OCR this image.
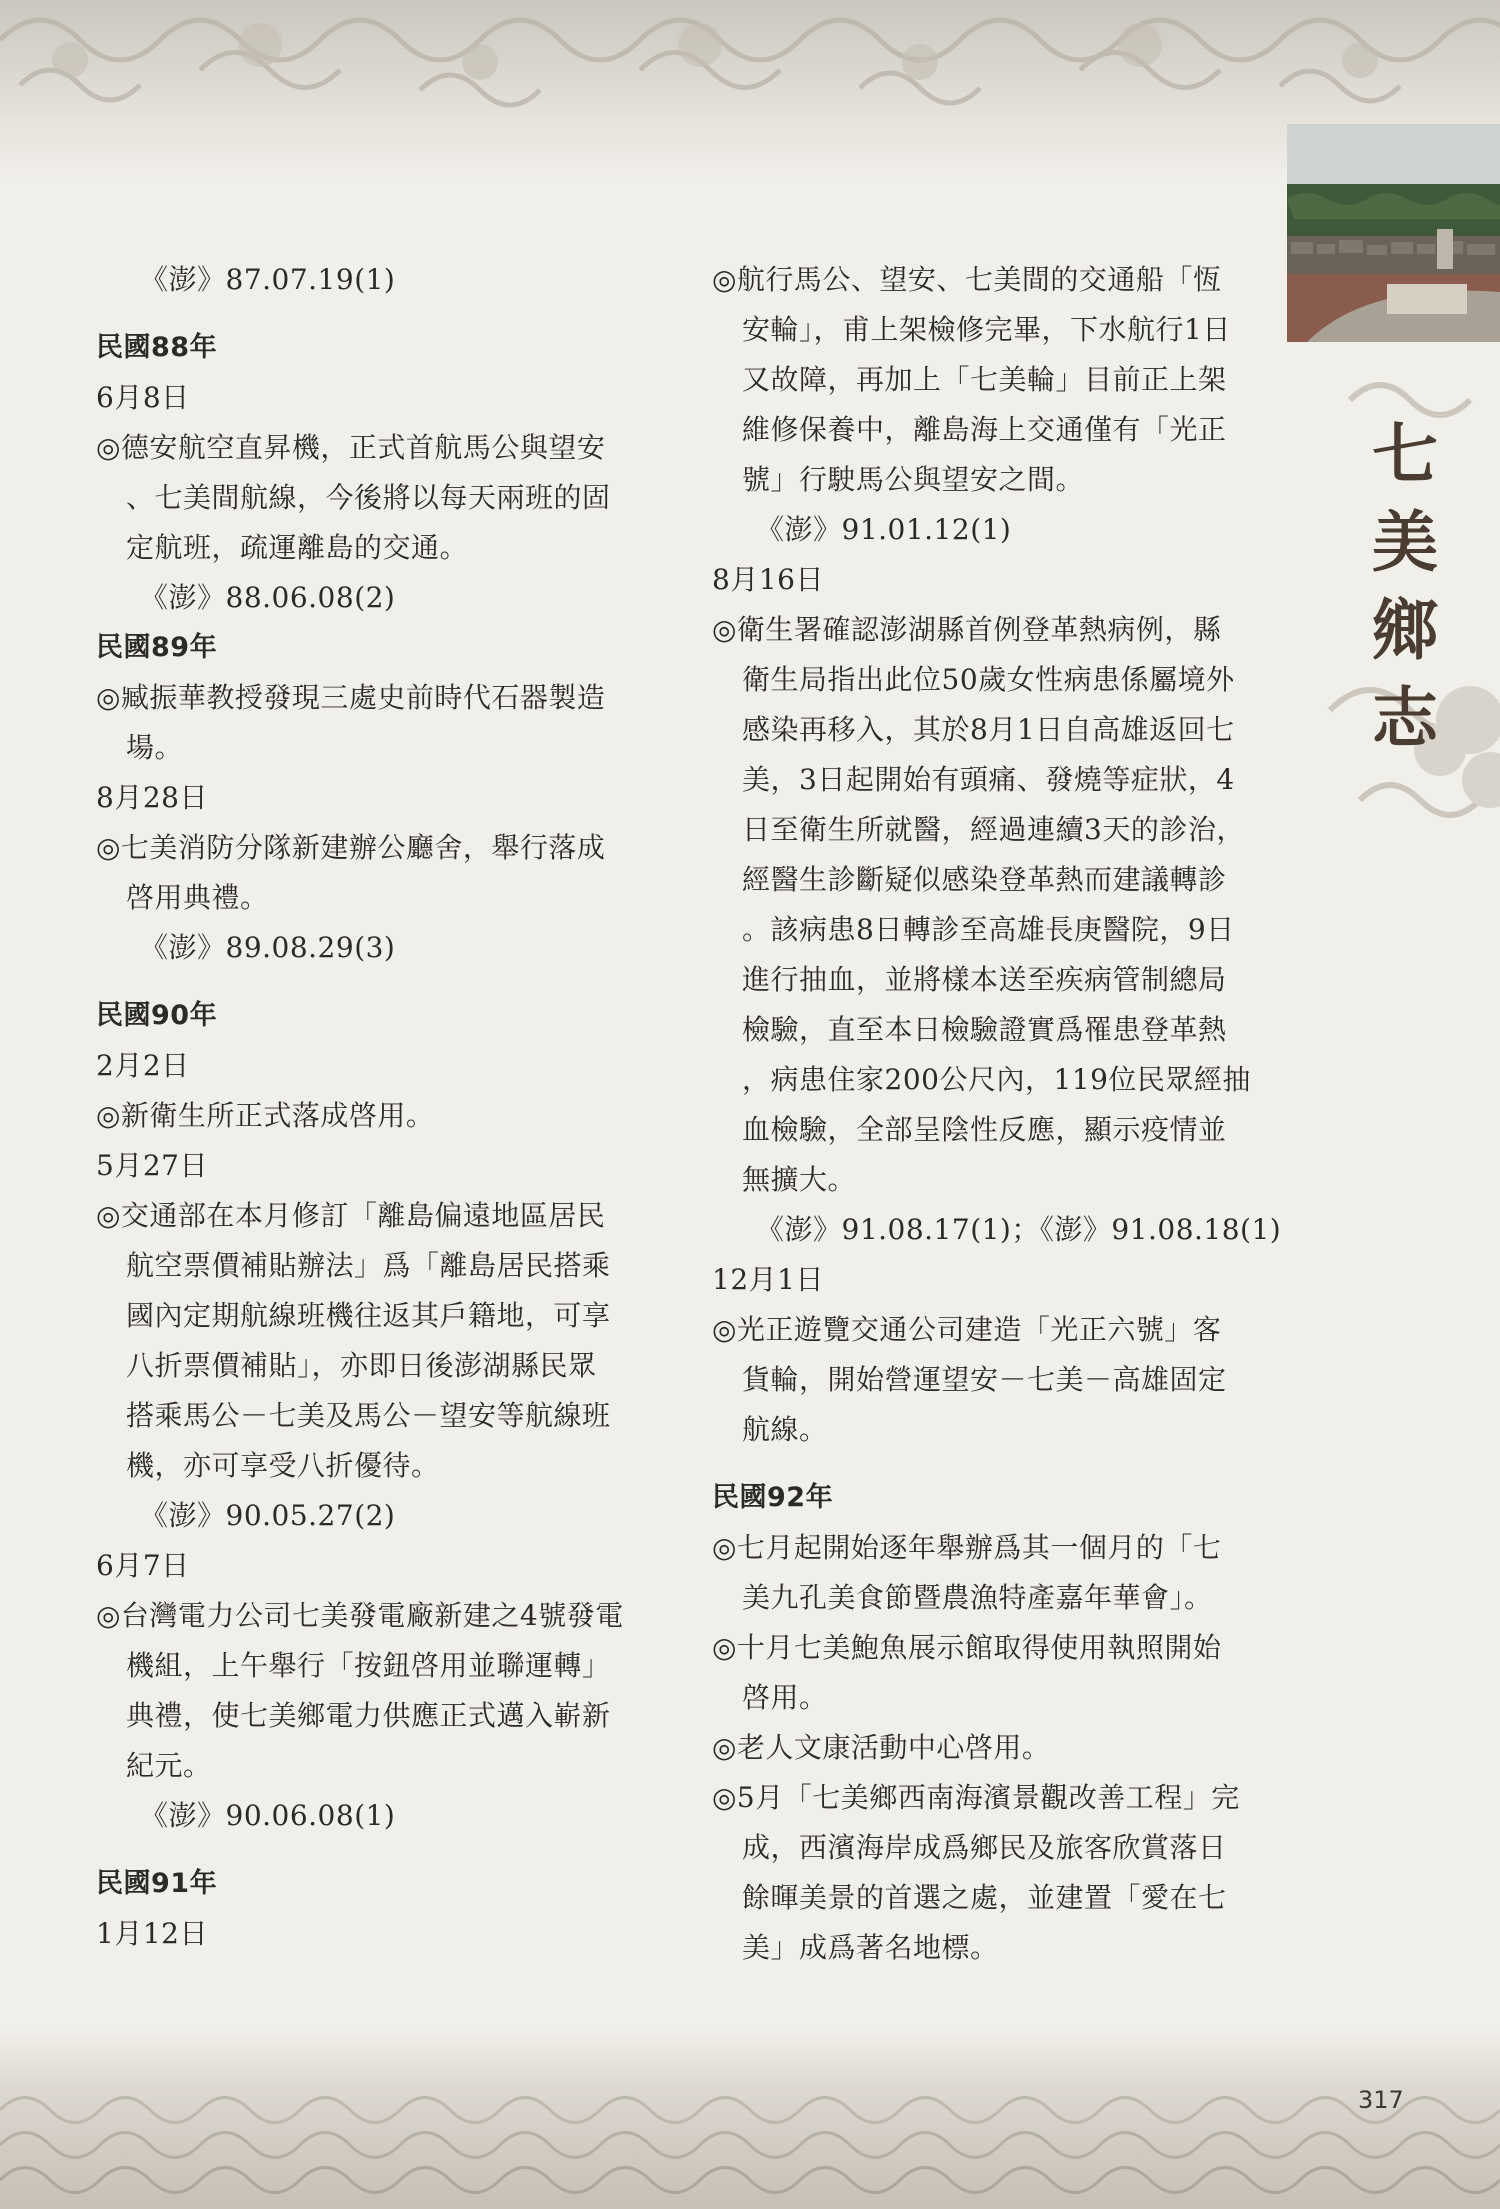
七
美
鄉
志
《澎》87.07.19(1)
民國88年
6月8日
◎德安航空直昇機，正式首航馬公與望安
、七美間航線，今後將以每天兩班的固
定航班，疏運離島的交通。
《澎》88.06.08(2)
民國89年
◎臧振華教授發現三處史前時代石器製造
場。
8月28日
◎七美消防分隊新建辦公廳舍，舉行落成
啓用典禮。
《澎》89.08.29(3)
民國90年
2月2日
◎新衛生所正式落成啓用。
5月27日
◎交通部在本月修訂「離島偏遠地區居民
航空票價補貼辦法」爲「離島居民搭乘
國內定期航線班機往返其戶籍地，可享
八折票價補貼」，亦即日後澎湖縣民眾
搭乘馬公－七美及馬公－望安等航線班
機，亦可享受八折優待。
《澎》90.05.27(2)
6月7日
◎台灣電力公司七美發電廠新建之4號發電
機組，上午舉行「按鈕啓用並聯運轉」
典禮，使七美鄉電力供應正式邁入嶄新
紀元。
《澎》90.06.08(1)
民國91年
1月12日
◎航行馬公、望安、七美間的交通船「恆
安輪」，甫上架檢修完畢，下水航行1日
又故障，再加上「七美輪」目前正上架
維修保養中，離島海上交通僅有「光正
號」行駛馬公與望安之間。
《澎》91.01.12(1)
8月16日
◎衛生署確認澎湖縣首例登革熱病例，縣
衛生局指出此位50歲女性病患係屬境外
感染再移入，其於8月1日自高雄返回七
美，3日起開始有頭痛、發燒等症狀，4
日至衛生所就醫，經過連續3天的診治，
經醫生診斷疑似感染登革熱而建議轉診
。該病患8日轉診至高雄長庚醫院，9日
進行抽血，並將樣本送至疾病管制總局
檢驗，直至本日檢驗證實爲罹患登革熱
，病患住家200公尺內，119位民眾經抽
血檢驗，全部呈陰性反應，顯示疫情並
無擴大。
《澎》91.08.17(1)；《澎》91.08.18(1)
12月1日
◎光正遊覽交通公司建造「光正六號」客
貨輪，開始營運望安－七美－高雄固定
航線。
民國92年
◎七月起開始逐年舉辦爲其一個月的「七
美九孔美食節暨農漁特產嘉年華會」。
◎十月七美鮑魚展示館取得使用執照開始
啓用。
◎老人文康活動中心啓用。
◎5月「七美鄉西南海濱景觀改善工程」完
成，西濱海岸成爲鄉民及旅客欣賞落日
餘暉美景的首選之處，並建置「愛在七
美」成爲著名地標。
317
